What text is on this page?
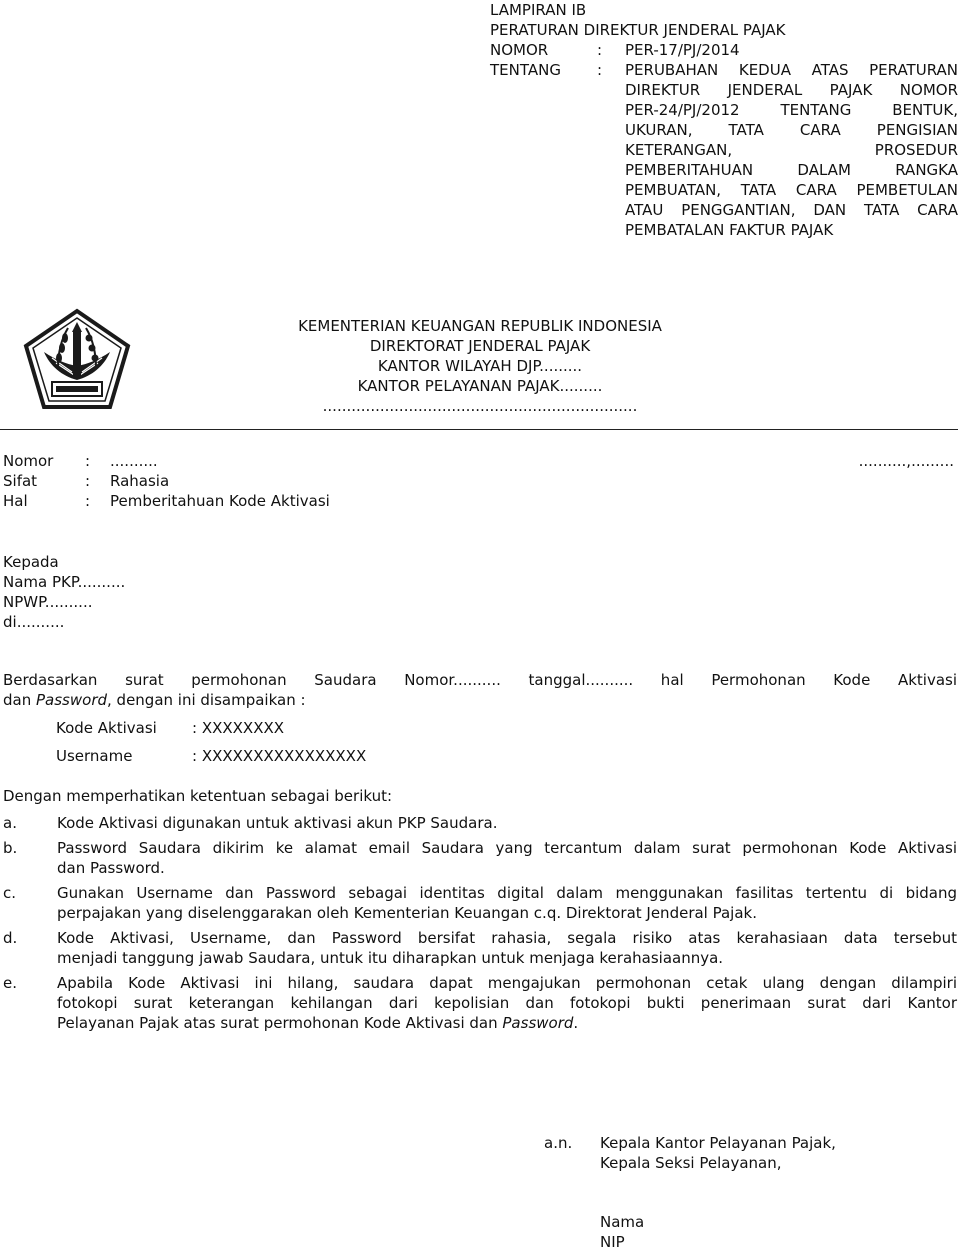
LAMPIRAN IB
PERATURAN DIREKTUR JENDERAL PAJAK
NOMOR	:	PER-17/PJ/2014
TENTANG	:	PERUBAHAN KEDUA ATAS PERATURAN
DIREKTUR JENDERAL PAJAK NOMOR
PER-24/PJ/2012 TENTANG BENTUK,
UKURAN, TATA CARA PENGISIAN
KETERANGAN, PROSEDUR
PEMBERITAHUAN DALAM RANGKA
PEMBUATAN, TATA CARA PEMBETULAN
ATAU PENGGANTIAN, DAN TATA CARA
PEMBATALAN FAKTUR PAJAK
KEMENTERIAN KEUANGAN REPUBLIK INDONESIA
DIREKTORAT JENDERAL PAJAK
KANTOR WILAYAH DJP.........
KANTOR PELAYANAN PAJAK.........
..................................................................
Nomor	:	..........
Sifat	:	Rahasia
Hal	:	Pemberitahuan Kode Aktivasi
..........,.........
Kepada
Nama PKP..........
NPWP..........
di..........
Berdasarkan surat permohonan Saudara Nomor.......... tanggal.......... hal Permohonan Kode Aktivasi
dan Password, dengan ini disampaikan :
Kode Aktivasi	: XXXXXXXX
Username	: XXXXXXXXXXXXXXXX
Dengan memperhatikan ketentuan sebagai berikut:
a.	Kode Aktivasi digunakan untuk aktivasi akun PKP Saudara.
b.	Password Saudara dikirim ke alamat email Saudara yang tercantum dalam surat permohonan Kode Aktivasi
dan Password.
c.	Gunakan Username dan Password sebagai identitas digital dalam menggunakan fasilitas tertentu di bidang
perpajakan yang diselenggarakan oleh Kementerian Keuangan c.q. Direktorat Jenderal Pajak.
d.	Kode Aktivasi, Username, dan Password bersifat rahasia, segala risiko atas kerahasiaan data tersebut
menjadi tanggung jawab Saudara, untuk itu diharapkan untuk menjaga kerahasiaannya.
e.	Apabila Kode Aktivasi ini hilang, saudara dapat mengajukan permohonan cetak ulang dengan dilampiri
fotokopi surat keterangan kehilangan dari kepolisian dan fotokopi bukti penerimaan surat dari Kantor
Pelayanan Pajak atas surat permohonan Kode Aktivasi dan Password.
a.n.	Kepala Kantor Pelayanan Pajak,
Kepala Seksi Pelayanan,
Nama
NIP
